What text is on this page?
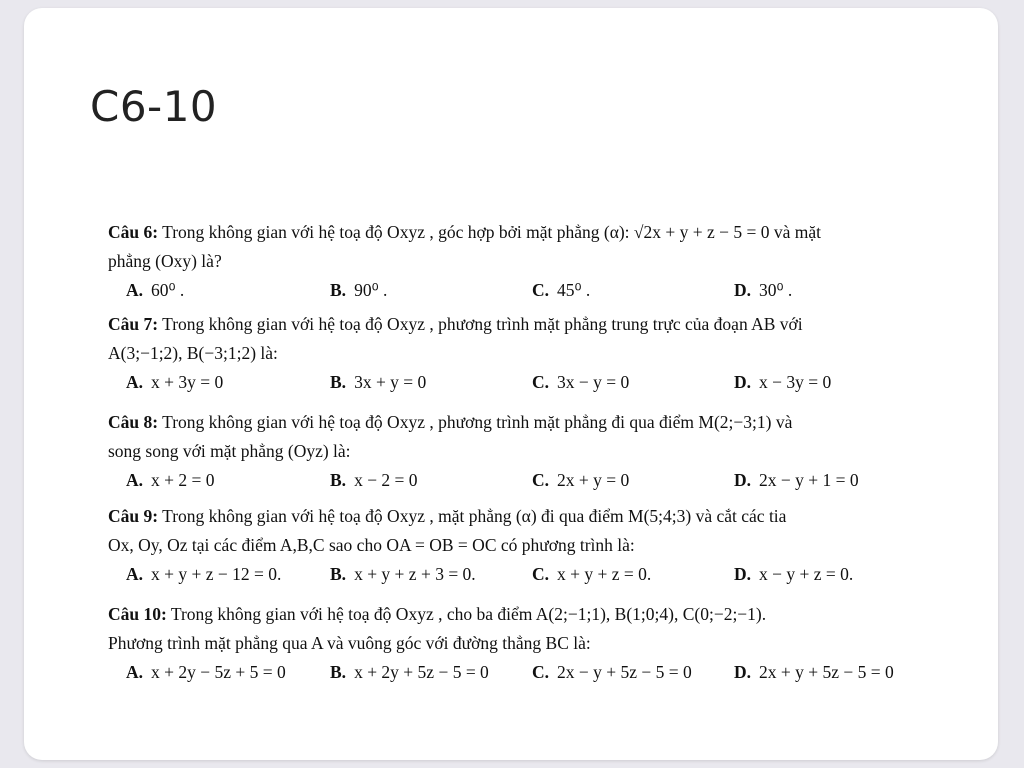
C6-10
Câu 6: Trong không gian với hệ toạ độ Oxyz , góc hợp bởi mặt phẳng (α): √2x + y + z − 5 = 0 và mặt
phẳng (Oxy) là?
A. 60⁰ .	B. 90⁰ .	C. 45⁰ .	D. 30⁰ .
Câu 7: Trong không gian với hệ toạ độ Oxyz , phương trình mặt phẳng trung trực của đoạn AB với
A(3;−1;2), B(−3;1;2) là:
A. x + 3y = 0	B. 3x + y = 0	C. 3x − y = 0	D. x − 3y = 0
Câu 8: Trong không gian với hệ toạ độ Oxyz , phương trình mặt phẳng đi qua điểm M(2;−3;1) và
song song với mặt phẳng (Oyz) là:
A. x + 2 = 0	B. x − 2 = 0	C. 2x + y = 0	D. 2x − y + 1 = 0
Câu 9: Trong không gian với hệ toạ độ Oxyz , mặt phẳng (α) đi qua điểm M(5;4;3) và cắt các tia
Ox, Oy, Oz tại các điểm A,B,C sao cho OA = OB = OC có phương trình là:
A. x + y + z − 12 = 0.	B. x + y + z + 3 = 0.	C. x + y + z = 0.	D. x − y + z = 0.
Câu 10: Trong không gian với hệ toạ độ Oxyz , cho ba điểm A(2;−1;1), B(1;0;4), C(0;−2;−1).
Phương trình mặt phẳng qua A và vuông góc với đường thẳng BC là:
A. x + 2y − 5z + 5 = 0	B. x + 2y + 5z − 5 = 0 C. 2x − y + 5z − 5 = 0 D. 2x + y + 5z − 5 = 0
